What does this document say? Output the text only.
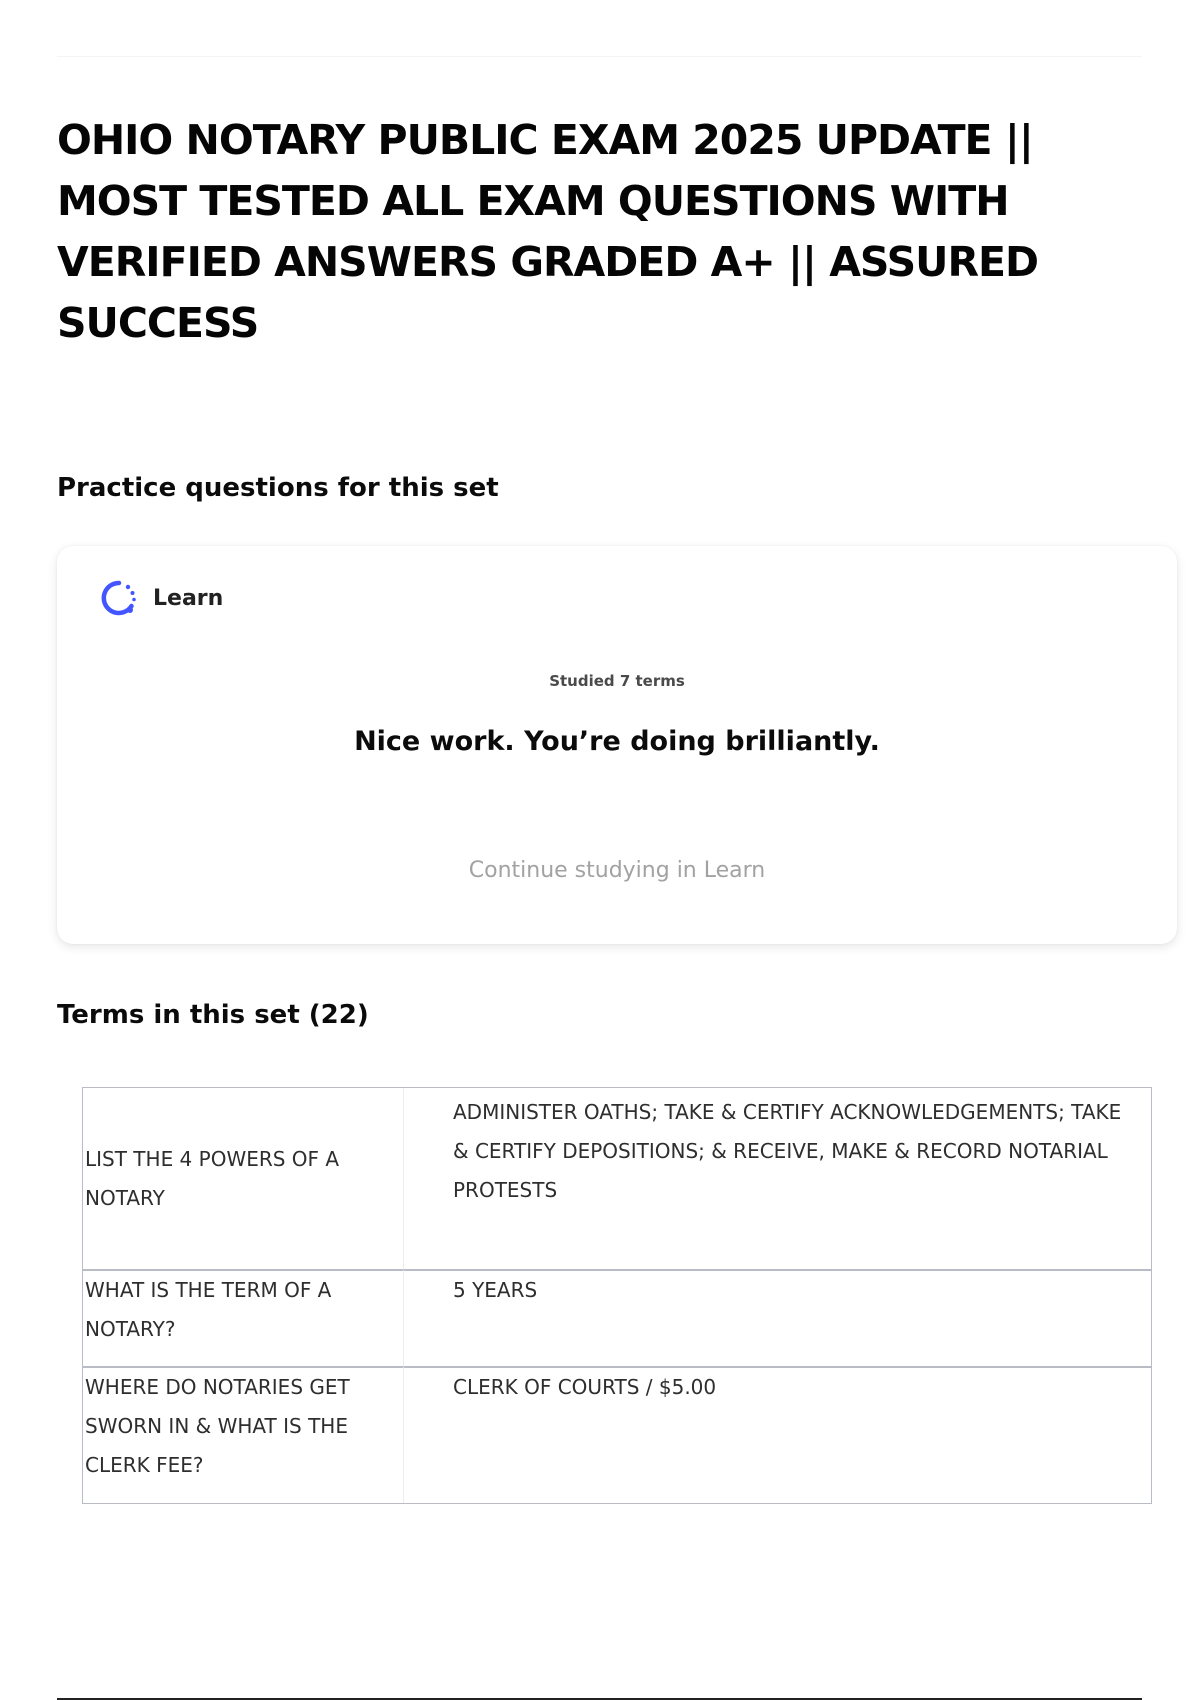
OHIO NOTARY PUBLIC EXAM 2025 UPDATE || MOST TESTED ALL EXAM QUESTIONS WITH VERIFIED ANSWERS GRADED A+ || ASSURED SUCCESS
Practice questions for this set
Learn
Studied 7 terms
Nice work. You’re doing brilliantly.
Continue studying in Learn
Terms in this set (22)
LIST THE 4 POWERS OF A NOTARY	ADMINISTER OATHS; TAKE & CERTIFY ACKNOWLEDGEMENTS; TAKE & CERTIFY DEPOSITIONS; & RECEIVE, MAKE & RECORD NOTARIAL PROTESTS
WHAT IS THE TERM OF A NOTARY?	5 YEARS
WHERE DO NOTARIES GET SWORN IN & WHAT IS THE CLERK FEE?	CLERK OF COURTS / $5.00
